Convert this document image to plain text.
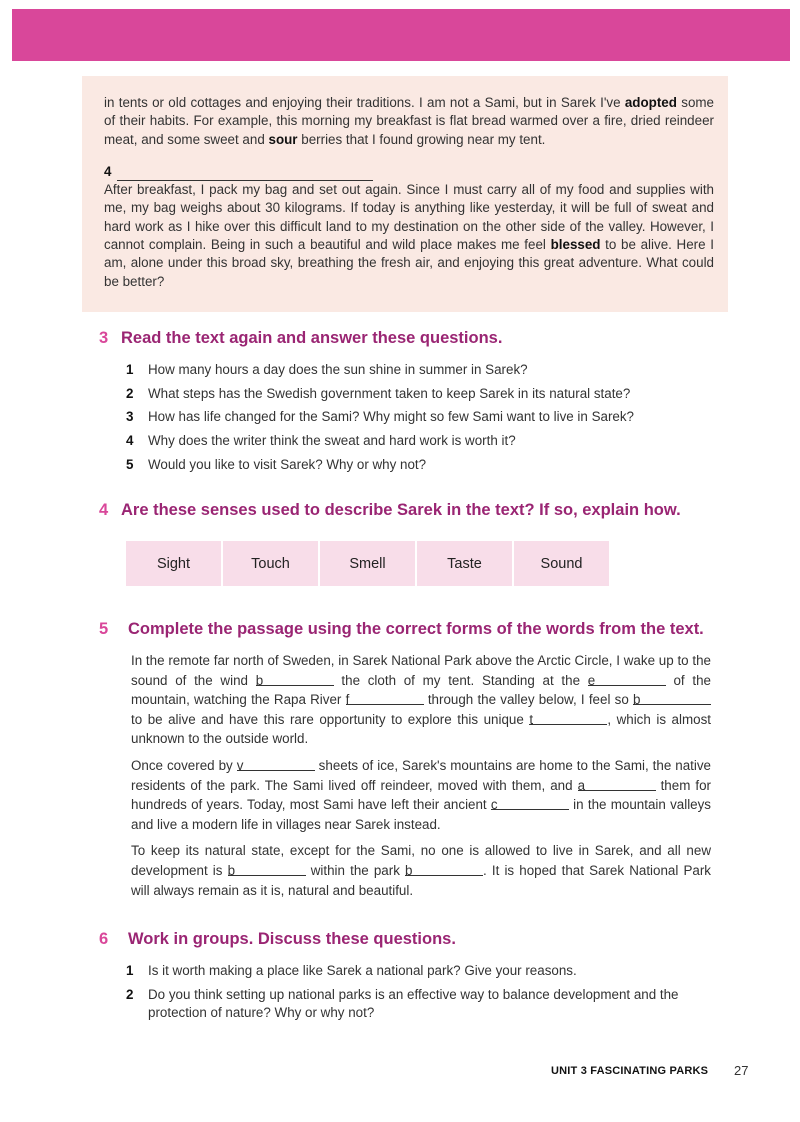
in tents or old cottages and enjoying their traditions. I am not a Sami, but in Sarek I've adopted some of their habits. For example, this morning my breakfast is flat bread warmed over a fire, dried reindeer meat, and some sweet and sour berries that I found growing near my tent.

4

After breakfast, I pack my bag and set out again. Since I must carry all of my food and supplies with me, my bag weighs about 30 kilograms. If today is anything like yesterday, it will be full of sweat and hard work as I hike over this difficult land to my destination on the other side of the valley. However, I cannot complain. Being in such a beautiful and wild place makes me feel blessed to be alive. Here I am, alone under this broad sky, breathing the fresh air, and enjoying this great adventure. What could be better?

3 Read the text again and answer these questions.
1	How many hours a day does the sun shine in summer in Sarek?
2	What steps has the Swedish government taken to keep Sarek in its natural state?
3	How has life changed for the Sami? Why might so few Sami want to live in Sarek?
4	Why does the writer think the sweat and hard work is worth it?
5	Would you like to visit Sarek? Why or why not?
4 Are these senses used to describe Sarek in the text? If so, explain how.
Sight	Touch	Smell	Taste	Sound
5	Complete the passage using the correct forms of the words from the text.

In the remote far north of Sweden, in Sarek National Park above the Arctic Circle, I wake up to the sound of the wind b	the cloth of my tent. Standing at the e	of the mountain, watching the Rapa River f	through the valley below, I feel so b to be alive and have this rare opportunity to explore this unique t	, which is almost unknown to the outside world.

Once covered by v	sheets of ice, Sarek's mountains are home to the Sami, the native residents of the park. The Sami lived off reindeer, moved with them, and a	them for hundreds of years. Today, most Sami have left their ancient c	in the mountain valleys and live a modern life in villages near Sarek instead.

To keep its natural state, except for the Sami, no one is allowed to live in Sarek, and all new development is b	within the park b	. It is hoped that Sarek National Park will always remain as it is, natural and beautiful.

6	Work in groups. Discuss these questions.
1	Is it worth making a place like Sarek a national park? Give your reasons.
2	Do you think setting up national parks is an effective way to balance development and the protection of nature? Why or why not?
UNIT 3 FASCINATING PARKS 27
